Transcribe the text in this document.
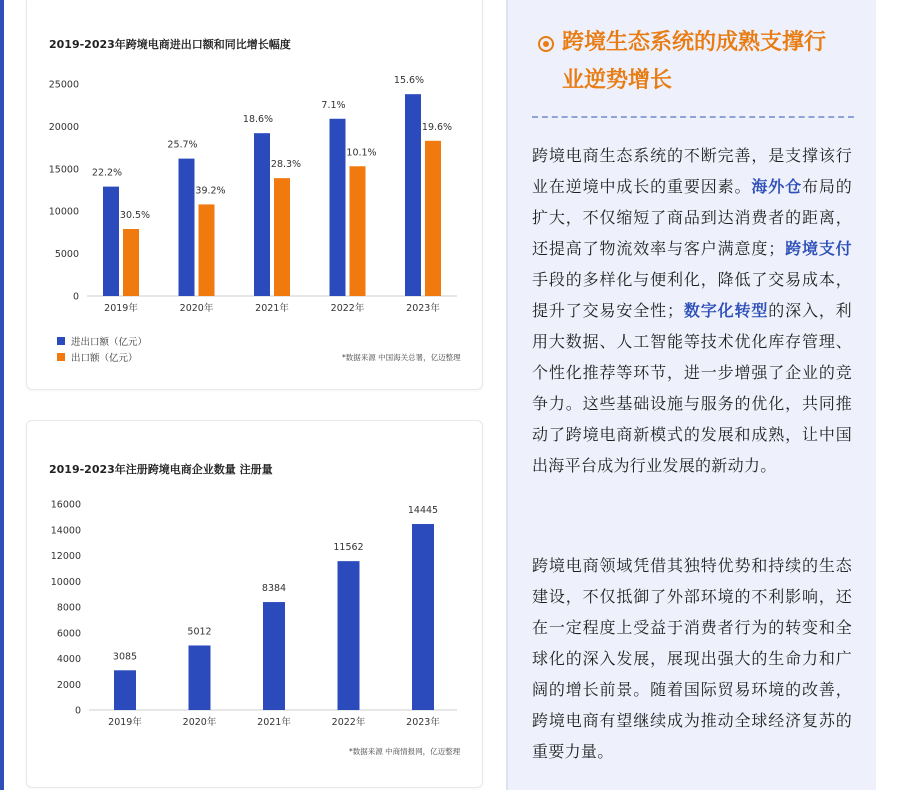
2019-2023年跨境电商进出口额和同比增长幅度
0
5000
10000
15000
20000
25000
22.2%
30.5%
2019年
25.7%
39.2%
2020年
18.6%
28.3%
2021年
7.1%
10.1%
2022年
15.6%
19.6%
2023年
进出口额（亿元）
出口额（亿元）	*数据来源 中国海关总署，亿迈整理
2019-2023年注册跨境电商企业数量 注册量
0
2000
4000
6000
8000
10000
12000
14000
16000
3085
2019年
5012
2020年
8384
2021年
11562
2022年
14445
2023年
*数据来源 中商情报网，亿迈整理
跨境生态系统的成熟支撑行
业逆势增长
跨境电商生态系统的不断完善，是支撑该行业在逆境中成长的重要因素。海外仓布局的扩大，不仅缩短了商品到达消费者的距离，还提高了物流效率与客户满意度；跨境支付手段的多样化与便利化，降低了交易成本，提升了交易安全性；数字化转型的深入，利用大数据、人工智能等技术优化库存管理、个性化推荐等环节，进一步增强了企业的竞争力。这些基础设施与服务的优化，共同推动了跨境电商新模式的发展和成熟，让中国出海平台成为行业发展的新动力。
跨境电商领域凭借其独特优势和持续的生态建设，不仅抵御了外部环境的不利影响，还在一定程度上受益于消费者行为的转变和全球化的深入发展，展现出强大的生命力和广阔的增长前景。随着国际贸易环境的改善，跨境电商有望继续成为推动全球经济复苏的重要力量。
